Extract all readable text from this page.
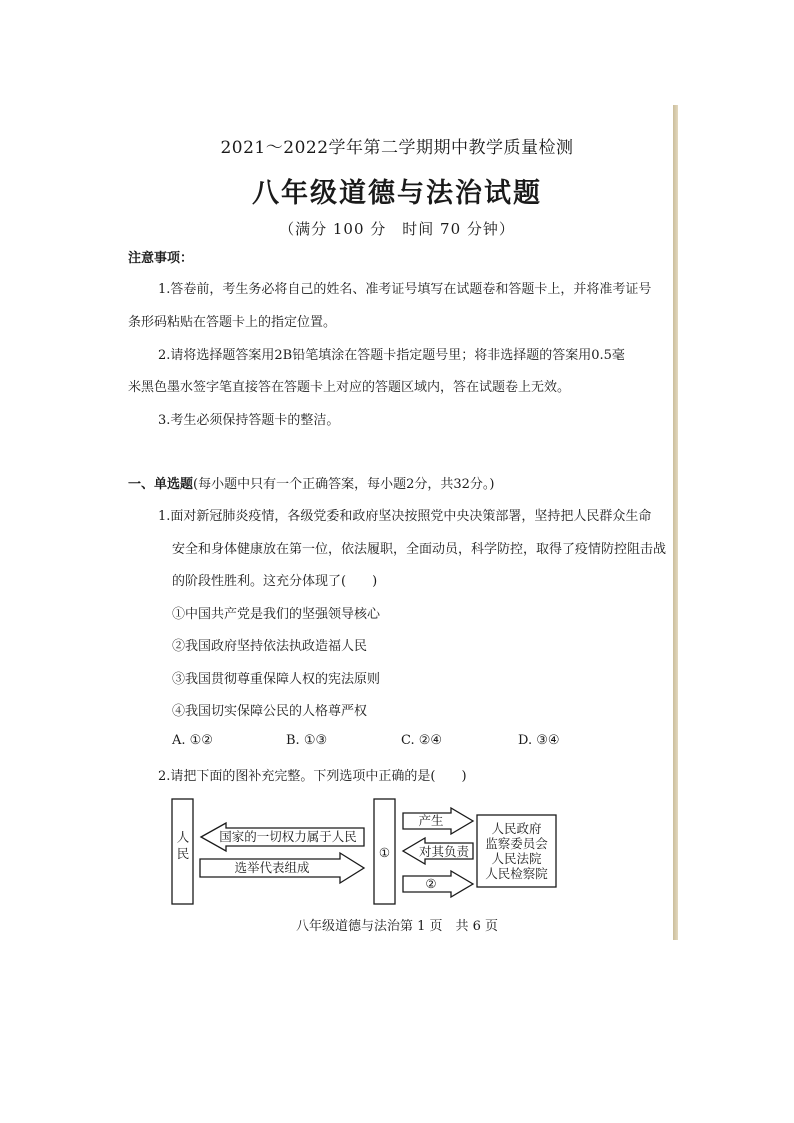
2021～2022学年第二学期期中教学质量检测
八年级道德与法治试题
（满分 100 分　时间 70 分钟）
注意事项：
1.答卷前，考生务必将自己的姓名、准考证号填写在试题卷和答题卡上，并将准考证号
条形码粘贴在答题卡上的指定位置。
2.请将选择题答案用2B铅笔填涂在答题卡指定题号里；将非选择题的答案用0.5毫
米黑色墨水签字笔直接答在答题卡上对应的答题区域内，答在试题卷上无效。
3.考生必须保持答题卡的整洁。
一、单选题(每小题中只有一个正确答案，每小题2分，共32分。)
1.面对新冠肺炎疫情，各级党委和政府坚决按照党中央决策部署，坚持把人民群众生命
安全和身体健康放在第一位，依法履职，全面动员，科学防控，取得了疫情防控阻击战
的阶段性胜利。这充分体现了(　　)
①中国共产党是我们的坚强领导核心
②我国政府坚持依法执政造福人民
③我国贯彻尊重保障人权的宪法原则
④我国切实保障公民的人格尊严权
A. ①②	B. ①③	C. ②④	D. ③④
2.请把下面的图补充完整。下列选项中正确的是(　　)
人民 国家的一切权力属于人民
选举代表组成
①
产生
对其负责
②
人民政府
监察委员会
人民法院
人民检察院
八年级道德与法治第 1 页　共 6 页
